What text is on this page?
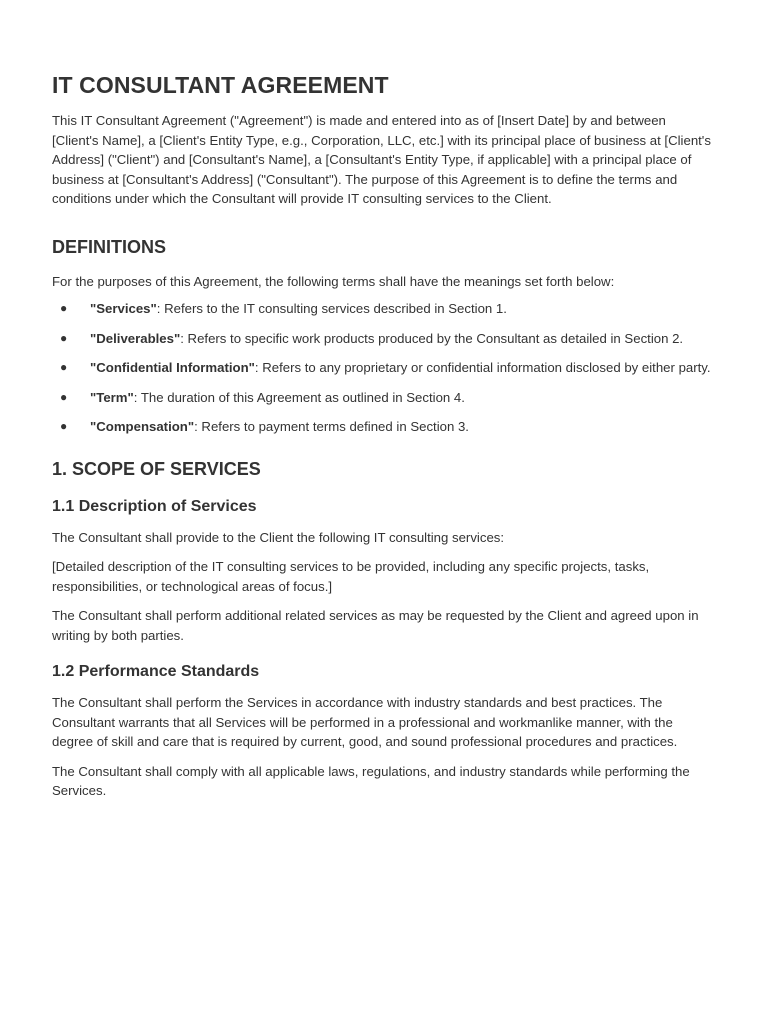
IT CONSULTANT AGREEMENT

This IT Consultant Agreement ("Agreement") is made and entered into as of [Insert Date] by and between [Client's Name], a [Client's Entity Type, e.g., Corporation, LLC, etc.] with its principal place of business at [Client's Address] ("Client") and [Consultant's Name], a [Consultant's Entity Type, if applicable] with a principal place of business at [Consultant's Address] ("Consultant"). The purpose of this Agreement is to define the terms and conditions under which the Consultant will provide IT consulting services to the Client.

DEFINITIONS

For the purposes of this Agreement, the following terms shall have the meanings set forth below:

● "Services": Refers to the IT consulting services described in Section 1.
● "Deliverables": Refers to specific work products produced by the Consultant as detailed in Section 2.
● "Confidential Information": Refers to any proprietary or confidential information disclosed by either party.
● "Term": The duration of this Agreement as outlined in Section 4.
● "Compensation": Refers to payment terms defined in Section 3.
1. SCOPE OF SERVICES
1.1 Description of Services

The Consultant shall provide to the Client the following IT consulting services:

[Detailed description of the IT consulting services to be provided, including any specific projects, tasks, responsibilities, or technological areas of focus.]

The Consultant shall perform additional related services as may be requested by the Client and agreed upon in writing by both parties.

1.2 Performance Standards

The Consultant shall perform the Services in accordance with industry standards and best practices. The Consultant warrants that all Services will be performed in a professional and workmanlike manner, with the degree of skill and care that is required by current, good, and sound professional procedures and practices.

The Consultant shall comply with all applicable laws, regulations, and industry standards while performing the Services.
